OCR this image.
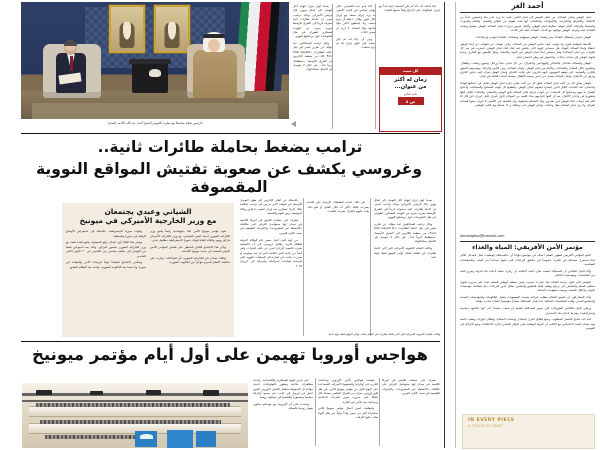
الرئيس سلام مجتمعاً مع نظيره الكويتي الشيخ أحمد عبد الله الأحمد الصباح
ترامب يضغط بحاملة طائرات ثانية..
وغروسي يكشف عن صعوبة تفتيش المواقع النووية المقصوفة

بعدما أنهار إيران لنهاية أجل التوصل إلى اتفاق نووي، قال الرئيس الأميركي دونالد ترامب، أمس، إن حاملة طائرات ثانية ستتوجه قريباً إلى الشرق الأوسط معززة بمزيد من التهديد العسكري لطهران في ظل التفاوضات حول برنامجها النووي.

وقال ترامب للصحافيين عند سؤاله عن تقارير تشير إلى نقل حاملة الطائرات «USS Gerald R. Ford» من منطقة الكاريبي إلى الشرق الأوسط: «سنطلعك قريباً جداً... في خلال لا نفوصل إلى الاتفاق سنحتاجها».

كما تبدو عدة الخميس، خلال مؤتمر صحفي في البيت الأبيض، أنه يريد إبرام صفقة مع إيران خلال شهر، وقال: «علينا أن نبرم صفقة، ولا أستطيع الأمر مؤلا لقادتها مؤلا لقضايا، لا أريد أن يمضي ذلك».

وبين أن «إذا أنه لم تكن صفقة، فلن تكون إيران إذا لم تبرم صفقة».

كما أضاف أنه «أنا لم تكن الصفقة جيدة جداً مع إيران، فسأواجه على الأرجح وفقاً صعبها للغاية».

كل سبت
زمان له أكثر
من عنوان...
نادية قباني
ص ٨
أحمد الغز

لبنان الوطن ولبنان الساحة، من لبنان الصغير إلى لبنان الكبير، قصة ما يزيد على مئة وخمسين عاماً من الاختلاف والافتراق والاحتراب، والاجتهادات والعلاقات، أنها قصة طويلة من النجاح والفشل، والحلم والصوت، والفضيلة والرذيلة، أجيال تتوقف محاولة لبنان الوطن، وأجيال تعرض مرارات لبنان الساحة، الوطن تسامح ومحبة، الساحة عنف وفرقة، الوطن مواجهة مع الذات، الساحة غلبة على الذات.

الوطن عمران وانتظام، الساحة بيدر وفساد، الوطن مسؤولية ومساءلة، الساحة فوضى وارتجاعات.

الأسئلة الوطنية كثيرة ولا جواب، كيف نحمي الوطن من الساحة، وحتى نتوقف عن التوقف عن أبناء الوطن خبطاء وإبناء الساحة أقوياء، هل سيماني اليوم الذي يتحقق فيه لقاء أبناء لبنان الوطن، لتقترب في سد كل الثغرات من لبنان الساحة؟ وهل سيمكن أبناء لبنان الوطن في التوبة والإنشاء، وفتح الجسور مع الخارج، وعدم تحويل الوطن إلى ساحة نزاعات، والانصهار في وطن الإنسان لبنان.

الوطن والساحة بتحدثان بالتشاجر والهواجس والافتراق، من كل لبنان، نشأ ورجال وشيوخ وشباب وأطفال، ويتقلبون خلال المقابل والساعات، والأيام بين لبنان الوطن، ولبنان الساحة، وبين اليأس والرجاء، ويعصرهم الشعور بالحزن والسلبية، حتى يتوهم القومِيون بأنهم قادرون على تجديد الخداع، ولبنان الوطن يعرف كيف يداوي الجراح ويرفع عن الأعماق، ولبنان الساحة يفشل من تدمير سفينة الأطفال وبسط أسباب الحياة في لبنان.

الوطن يعانق كل من أحب لبنان الساحة ثقلق كل من أحب لبنان، دائرة لبنان الوطن تحمل في أعماقها الوفاء والامتنان، لقد القامات الكبار الذين جسدوا إيمانهم بلبنان الوطن، وقطعوا كل أبواب التسامح والمصالحة، وأعادوا الغصار ما تفهم وسمحوا كل البعضات عن أبواب جرائم لبنان الساحة بحق الوطن والإنسان، والقامات الكبار قتلوا وتطوروا في وجدان الأجيال، بعد أن ألقوا التزامهم بنداء اللعبة من المهاجر الأول جبران خليل جبران حين قال أنا لكم لعبة أومات ابقاء الوطن لمن تعبدون، وإنا خاشعكم فسيلوم، وأن الحقيقة في الأقصى لا تعرف صفها الساعة العراق، ولا يزل لبنان الساحة بطل وجفاف، ولبنان الوطن حب وعطاء، و ١٤ شباط يوم الحب الوطني.

ahmadghoz@hotmail.com
مؤتمر الأمن الأفريقي: المياه والغذاء

اختتم المؤتمر الأفريقي لتطوير السلم أعماله في مواضيع مؤكداً أن «المصالحة الوطنية» تمثل المدخل الأكبر لبناء استقرار مستدام في القارة، خصوصاً في مناطق النزاعات التي تشهد تصاعداً في العنف والانقسامات السياسية.

وأكد البيان الختامي أن المصالحة ليست مجرد أمنية أخلاقية، بل ركيزة عملية لإعادة بناء الدولة وتعزيز الثقة بين المجتمعات ومؤسسات الحكم.

المؤتمر الذي تناول دراسة العلاقة عقد على يد مندوب رئيس منظمة أبوظبي للسلم، شدد على ضرورة تحويل مفاهيم السلم والتعايش إلى برامج وطنية قابلة للتطبيق والقياس، تعالج جذور النزاعات مثل هشاشة مؤسسات الدولة، واختلال التنمية، وضعف منظومات العدالة.

وأكد المشاركون أن تحقيق السلام يتطلب شراكة متعددة المستويات تشمل الحكومات والمؤسسات المدنية والمجتمع المدني وقادة المجتمعات المحلية، بما يجعل المصالحة مساراً مؤسسياً دائماً لا مبادرة مؤقتة.

ورفض البيان الختامي الطروحات التي تصور المصالحة كشعار أو ضعف، مشدداً على أنها «الجبهة سياسية واستراتيجية» وشرط لإعادة بناء الاستقرار.

كما حدد ملامح المسار المطلوب، ومنها إطلاق القرار المتبادل وإنصاف الضحايا، وإطلاق حوارات وطنية جامعة تعيد صياغة العقد الاجتماعي مع الكاتب أن الدولة الوطنية تبقى الإطار الضامن لإدارة الاختلافات ومنع الانزلاق إلى الفوضى.

IN EVERY PIECE
A TOUCH OF CRAFT
الشياني وعبدي يجتمعان
مع وزير الخارجية الأميركي في ميونيخ

وقوات سوريا الديمقراطية، بالإضافة إلى استعراض الأوضاع الراهنة في سوريا والمنطقة.

ويعتبر هذا اللقاء أول اتصال رفيع المستوى يجمع قيادة قسد مع وزير الخارجية السوري بحضور أميركي، وذلك بعد أسبوعين فقط من التوصل إلى تفاهم سياسي بين الجانبين في ٣٠ كانون الثاني الماضي.

ويعكس الاجتماع اهتماماً دولياً لترتيبات الأمن والسيادة في سوريا، ولا سيما بعد الحكومة السورية، ولمدة بعد النظام السابق.

شهد مؤتمر ميونيخ للأمن لقاء دبلوماسيا رفيعاً يجمع وزير الخارجية السوري أسعد حسن الشيباني، مع وزير الخارجية الأميركي ماركو روبيو، والقائد العام لقوات سوريا الديمقراطية مظلوم عبدي.

ويأتي هذا الاجتماع الثلاثي المنتظر على هامش المؤتمر الأمني الدولي المنعقد في مدينة ميونيخ الألمانية.

وقالت مصادر في الخارجية السورية بأن المباحثات تركزت على مناقشة الاتفاق المبرم مؤخراً بين الحكومة السورية.

بالإضافة عن البحر الكاريبي إلى طول التوصل الأوسط في الوقت الذي يدرس فيه ترامب إمكانية اتخاذ إجراء عسكري ضد إيران حسب ما فابين وقالة أسوشيتد برس اليوم والجمعة.

تشرف على عمليات الجيش في أميركا اللاتينية في ميدان إنها ستتواصل التركيز على مكافحة «الأنشطة غير المشروعة» والإشراف الطبيعية في نصف الكرة الغربي.

من جهة ثانية، أشار سفير عام الوكالة الدولية للطاقة الذرية رافائيل غروسي، إلى أن «المعاينة تعترت بالنسبة لإيران» ليس عن ناحية الفترات، ولغز أيضاً من ناحية البنى التحتية التي لم تعد موجودة أو تضررت بجدة، في إشارة إلى المنشآت النووية التي تعرضت لهجمات إسرائيلية وأميركية في حزيران ٢٠٢٥.

إلى ذلك، حضت السلطات الإيرانية على التقدم بسرعة، قائلة «أكبر أنه خلال القليل أو نحو ذلك، يجب عليهم التحرك بسرعة للغاية».

بعدما أنهار إيران لنهاية أجل التوصل إلى اتفاق نووي، قال الرئيس الأميركي دونالد ترامب، أمس، إن حاملة طائرات ثانية ستتوجه قريباً إلى الشرق الأوسط معززة بمزيد من التهديد العسكري لطهران في ظل التفاوضات حول برنامجها النووي.

وقال ترامب للصحافيين عند سؤاله عن تقارير تشير إلى نقل حاملة الطائرات «USS Gerald R. Ford» من منطقة الكاريبي إلى الشرق الأوسط: «سنطلعك قريباً جداً... في خلال لا نفوصل إلى الاتفاق سنحتاجها».

وقالت القيادة الجنوبية الأميركية التي أكبر حاملة طائرات في العالم تنقلت أوامر التوقع فقط جولة ثانية.

هواجس أوروبا تهيمن على أول أيام مؤتمر ميونيخ

على تعزيز قوتها العسكرية والاقتصادية، وإعداد مظاهرات دفاعية وتطوير تكنولوجيات جديدة مؤكدة أن الضغوط ستجعل الجيش الأوروبي القوي جيش في أوروبا، إلى جانب دعم صمود أوكرانيا سياسياً ومستورياً والشعبياً في مواجهة روسيا.

وشددت على أن الأوروبية مع موسكو ستنتهي بقبول روسيا بالسلام.

هيمنت هواجس الأمن الأوروبي وتداعيات الحرب في أوكرانيا والضغوط الأميركية المتصاعدة على اليوم الأول من مؤتمر ميونيخ للأمن، في ظل قلق أوروبي متزايد من المزاج العالمي بنسخة أقل اتفاقاً على ضرورة تعزيز القدرات الدفاعية ومراجعة بنية الأمن في القارة.

وانطلقت أمس أعمال مؤتمر ميونيخ للأمن بمشاركة أكثر من ستين وفداً دولياً، في ظل أجواء يغلب عليها الترقب.

تشرف على عمليات الجيش في أميركا اللاتينية في ميدان إنها ستتواصل التركيز على مكافحة «الأنشطة غير المشروعة» والإشراف الطبيعية في نصف الكرة الغربي.

وقالت القيادة الجنوبية الأميركية التي أكبر حاملة طائرات في العالم تنقلت أوامر التوقع فقط جولة ثانية.
